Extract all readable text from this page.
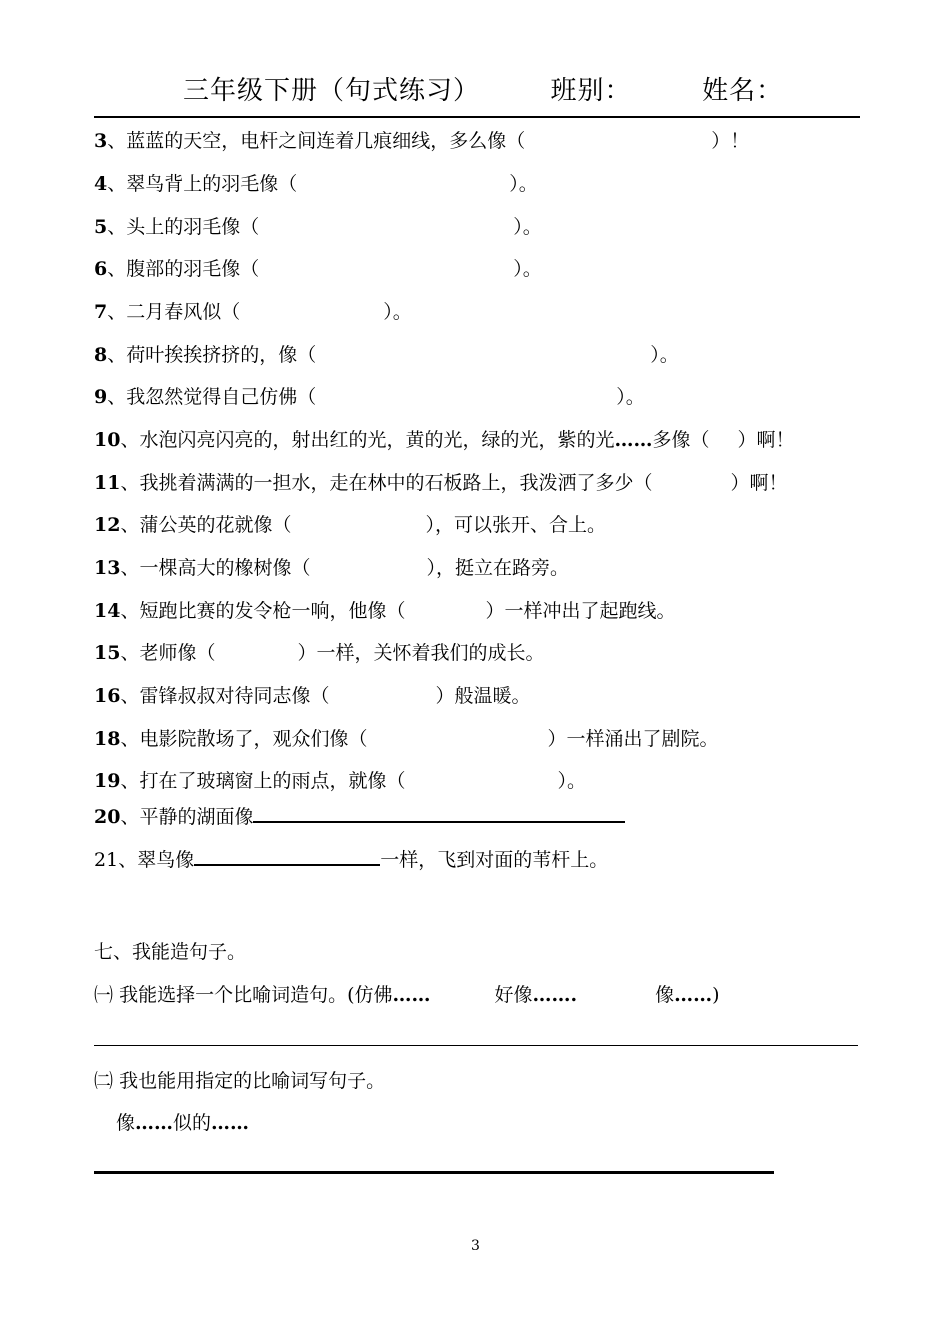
三年级下册（句式练习）	班别：	姓名：
3、蓝蓝的天空，电杆之间连着几痕细线，多么像（	）！
4、翠鸟背上的羽毛像（	）。
5、头上的羽毛像（	）。
6、腹部的羽毛像（	）。
7、二月春风似（	）。
8、荷叶挨挨挤挤的，像（	）。
9、我忽然觉得自己仿佛（	）。
10、水泡闪亮闪亮的，射出红的光，黄的光，绿的光，紫的光……多像（ ）啊！
11、我挑着满满的一担水，走在林中的石板路上，我泼洒了多少（	）啊！
12、蒲公英的花就像（	），可以张开、合上。
13、一棵高大的橡树像（	），挺立在路旁。
14、短跑比赛的发令枪一响，他像（	）一样冲出了起跑线。
15、老师像（	）一样，关怀着我们的成长。
16、雷锋叔叔对待同志像（	）般温暖。
18、电影院散场了，观众们像（	）一样涌出了剧院。
19、打在了玻璃窗上的雨点，就像（	）。
20、平静的湖面像
21、翠鸟像	一样，飞到对面的苇杆上。
七、我能造句子。
㈠ 我能选择一个比喻词造句。(仿佛……	好像…….	像……)
㈡ 我也能用指定的比喻词写句子。
像……似的……
3
